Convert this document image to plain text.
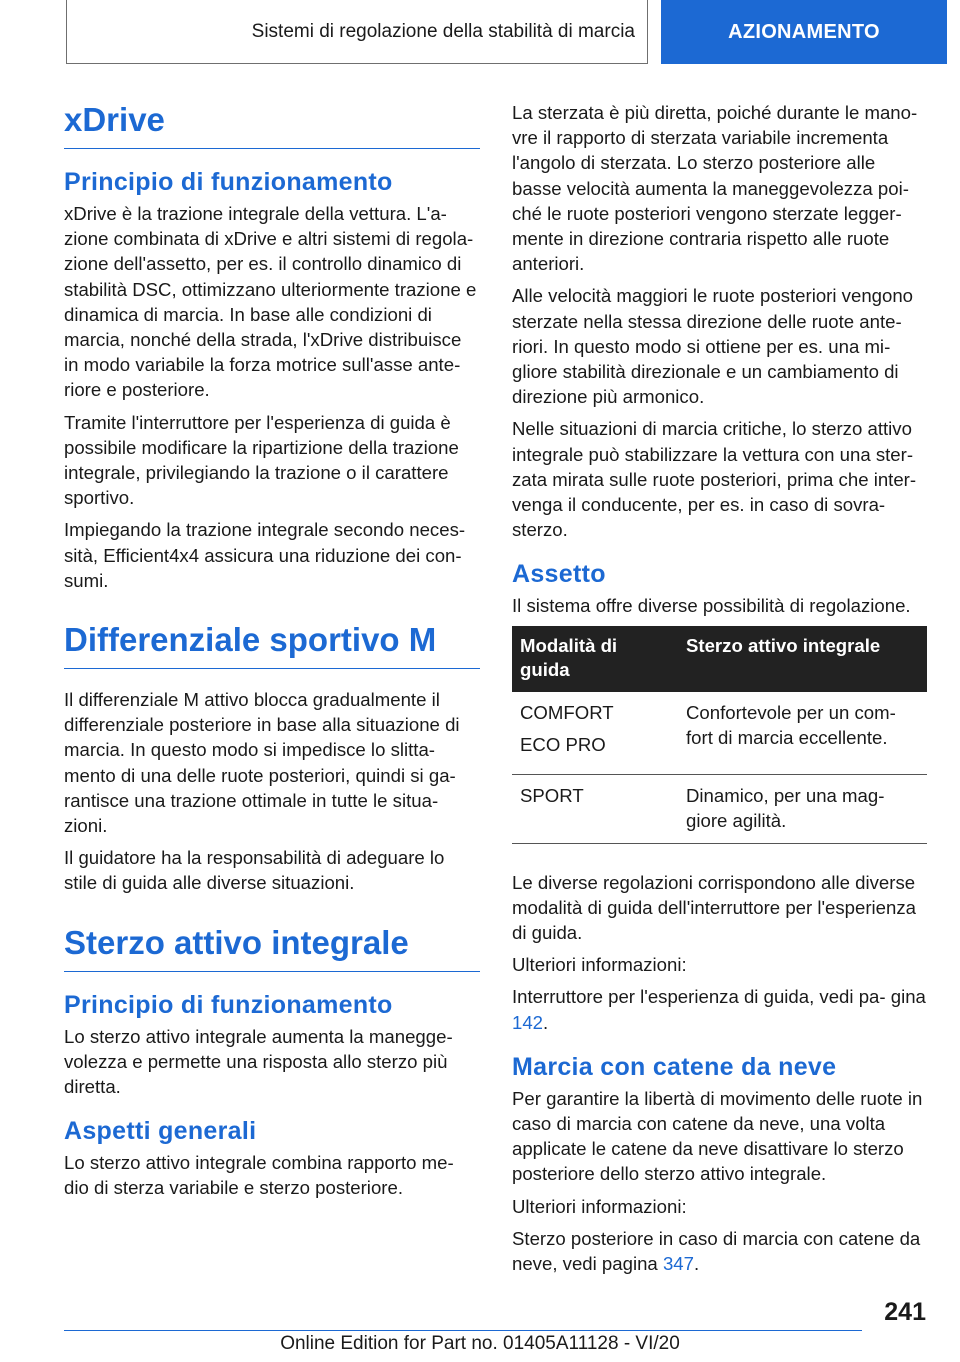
Sistemi di regolazione della stabilità di marcia	AZIONAMENTO
xDrive
Principio di funzionamento

xDrive è la trazione integrale della vettura. L'a- zione combinata di xDrive e altri sistemi di regola- zione dell'assetto, per es. il controllo dinamico di stabilità DSC, ottimizzano ulteriormente trazione e dinamica di marcia. In base alle condizioni di marcia, nonché della strada, l'xDrive distribuisce in modo variabile la forza motrice sull'asse ante- riore e posteriore.

Tramite l'interruttore per l'esperienza di guida è possibile modificare la ripartizione della trazione integrale, privilegiando la trazione o il carattere sportivo.

Impiegando la trazione integrale secondo neces- sità, Efficient4x4 assicura una riduzione dei con- sumi.

Differenziale sportivo M

Il differenziale M attivo blocca gradualmente il differenziale posteriore in base alla situazione di marcia. In questo modo si impedisce lo slitta- mento di una delle ruote posteriori, quindi si ga- rantisce una trazione ottimale in tutte le situa- zioni.

Il guidatore ha la responsabilità di adeguare lo stile di guida alle diverse situazioni.

Sterzo attivo integrale
Principio di funzionamento

Lo sterzo attivo integrale aumenta la manegge- volezza e permette una risposta allo sterzo più diretta.

Aspetti generali

Lo sterzo attivo integrale combina rapporto me- dio di sterza variabile e sterzo posteriore.

La sterzata è più diretta, poiché durante le mano- vre il rapporto di sterzata variabile incrementa l'angolo di sterzata. Lo sterzo posteriore alle basse velocità aumenta la maneggevolezza poi- ché le ruote posteriori vengono sterzate legger- mente in direzione contraria rispetto alle ruote anteriori.

Alle velocità maggiori le ruote posteriori vengono sterzate nella stessa direzione delle ruote ante- riori. In questo modo si ottiene per es. una mi- gliore stabilità direzionale e un cambiamento di direzione più armonico.

Nelle situazioni di marcia critiche, lo sterzo attivo integrale può stabilizzare la vettura con una ster- zata mirata sulle ruote posteriori, prima che inter- venga il conducente, per es. in caso di sovra- sterzo.

Assetto

Il sistema offre diverse possibilità di regolazione.

Modalità di guida	Sterzo attivo integrale

COMFORT
ECO PRO	Confortevole per un com- fort di marcia eccellente.

SPORT	Dinamico, per una mag- giore agilità.

Le diverse regolazioni corrispondono alle diverse modalità di guida dell'interruttore per l'esperienza di guida.

Ulteriori informazioni:

Interruttore per l'esperienza di guida, vedi pa- gina 142.

Marcia con catene da neve

Per garantire la libertà di movimento delle ruote in caso di marcia con catene da neve, una volta applicate le catene da neve disattivare lo sterzo posteriore dello sterzo attivo integrale.

Ulteriori informazioni:

Sterzo posteriore in caso di marcia con catene da neve, vedi pagina 347.

241
Online Edition for Part no. 01405A11128 - VI/20
